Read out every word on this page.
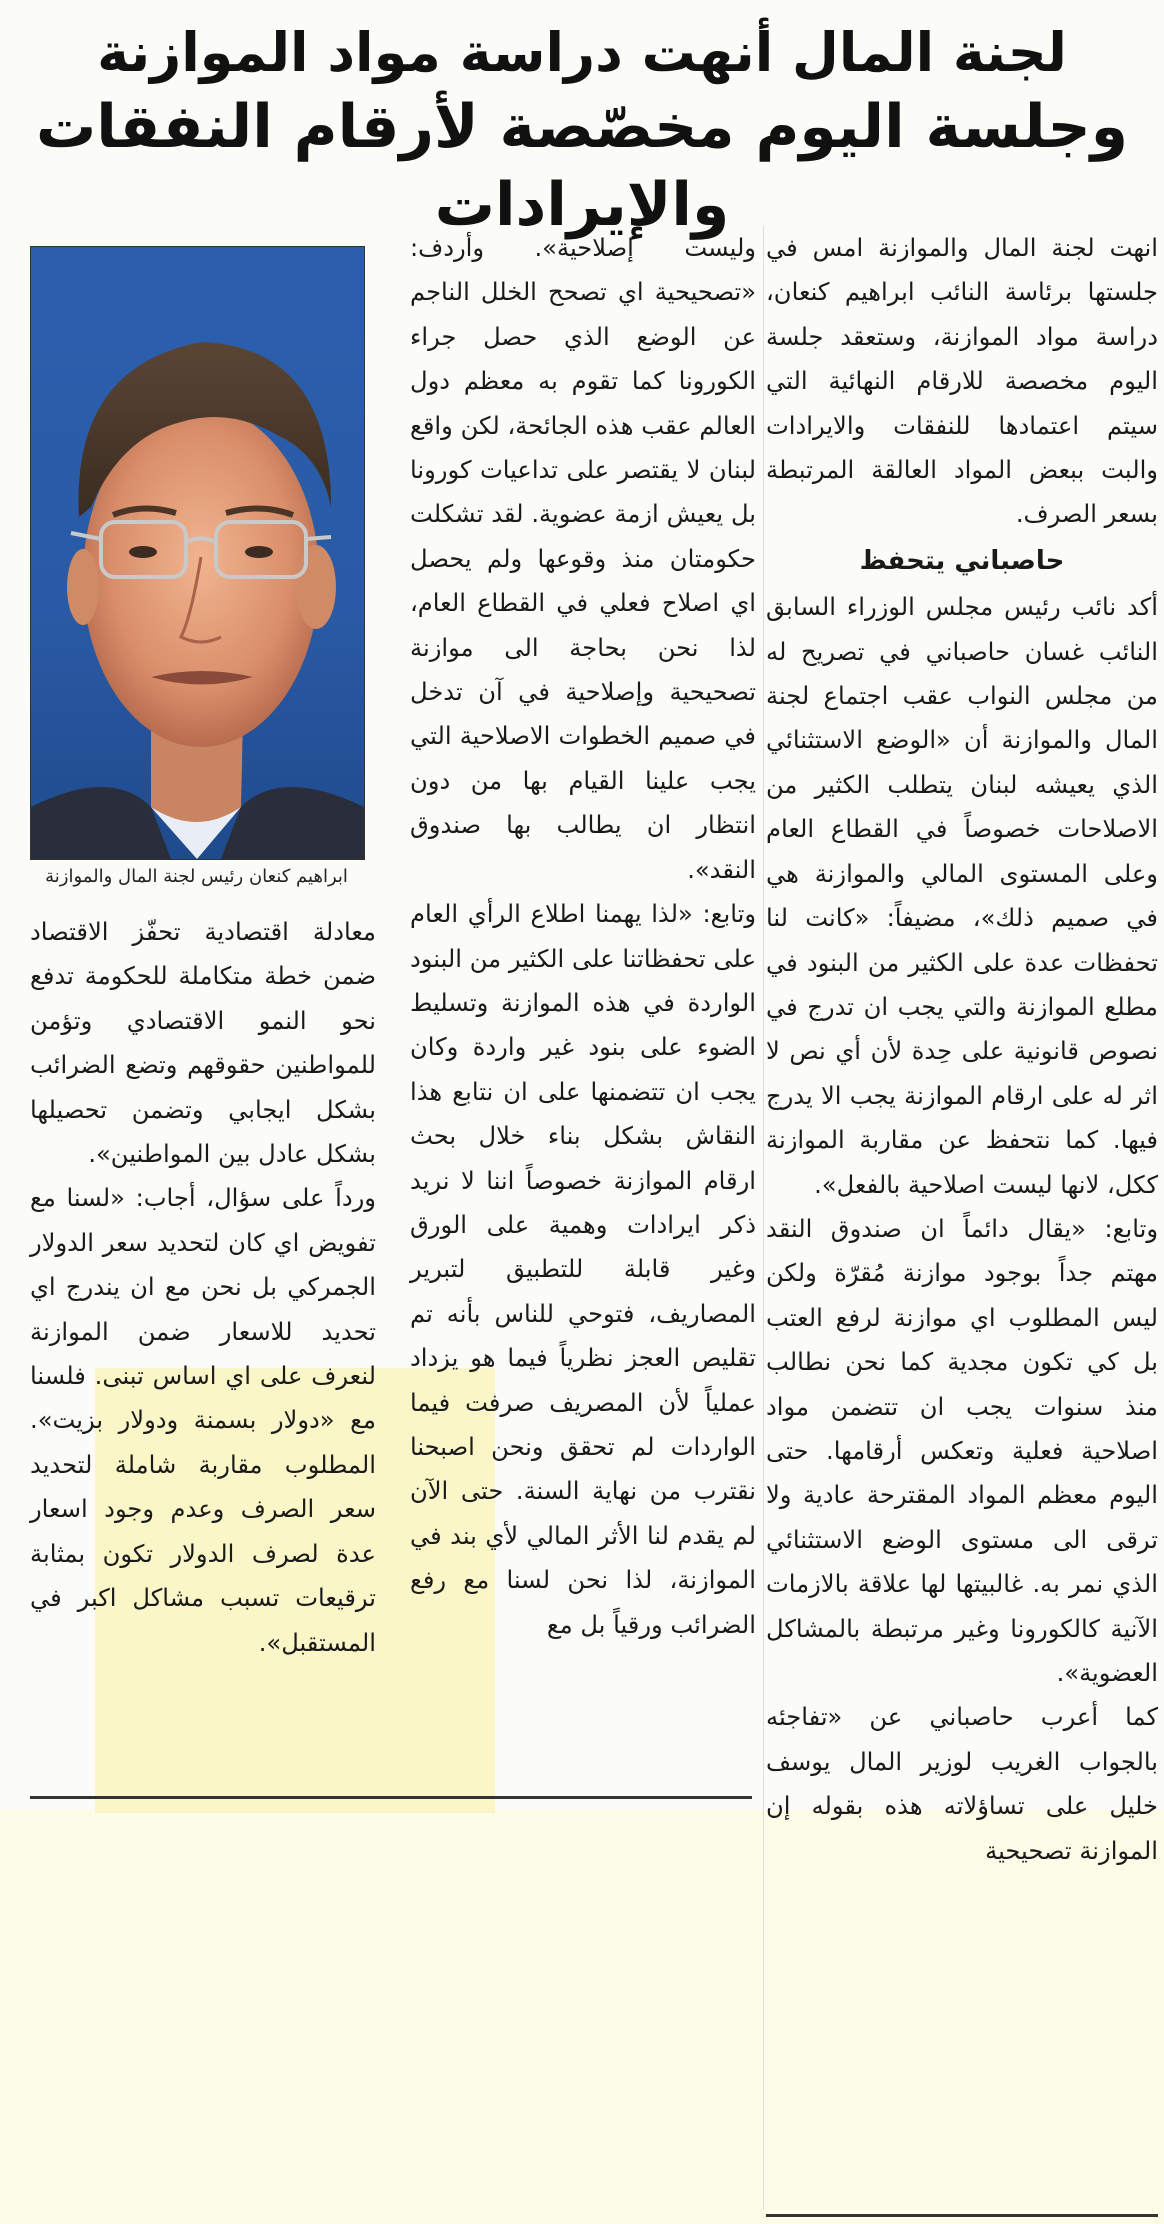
لجنة المال أنهت دراسة مواد الموازنة
وجلسة اليوم مخصّصة لأرقام النفقات والإيرادات

انهت لجنة المال والموازنة امس في جلستها برئاسة النائب ابراهيم كنعان، دراسة مواد الموازنة، وستعقد جلسة اليوم مخصصة للارقام النهائية التي سيتم اعتمادها للنفقات والايرادات والبت ببعض المواد العالقة المرتبطة بسعر الصرف.

حاصباني يتحفظ

أكد نائب رئيس مجلس الوزراء السابق النائب غسان حاصباني في تصريح له من مجلس النواب عقب اجتماع لجنة المال والموازنة أن «الوضع الاستثنائي الذي يعيشه لبنان يتطلب الكثير من الاصلاحات خصوصاً في القطاع العام وعلى المستوى المالي والموازنة هي في صميم ذلك»، مضيفاً: «كانت لنا تحفظات عدة على الكثير من البنود في مطلع الموازنة والتي يجب ان تدرج في نصوص قانونية على حِدة لأن أي نص لا اثر له على ارقام الموازنة يجب الا يدرج فيها. كما نتحفظ عن مقاربة الموازنة ككل، لانها ليست اصلاحية بالفعل».

وتابع: «يقال دائماً ان صندوق النقد مهتم جداً بوجود موازنة مُقرّة ولكن ليس المطلوب اي موازنة لرفع العتب بل كي تكون مجدية كما نحن نطالب منذ سنوات يجب ان تتضمن مواد اصلاحية فعلية وتعكس أرقامها. حتى اليوم معظم المواد المقترحة عادية ولا ترقى الى مستوى الوضع الاستثنائي الذي نمر به. غالبيتها لها علاقة بالازمات الآنية كالكورونا وغير مرتبطة بالمشاكل العضوية».

كما أعرب حاصباني عن «تفاجئه بالجواب الغريب لوزير المال يوسف خليل على تساؤلاته هذه بقوله إن الموازنة تصحيحية

وليست إصلاحية». وأردف: «تصحيحية اي تصحح الخلل الناجم عن الوضع الذي حصل جراء الكورونا كما تقوم به معظم دول العالم عقب هذه الجائحة، لكن واقع لبنان لا يقتصر على تداعيات كورونا بل يعيش ازمة عضوية. لقد تشكلت حكومتان منذ وقوعها ولم يحصل اي اصلاح فعلي في القطاع العام، لذا نحن بحاجة الى موازنة تصحيحية وإصلاحية في آن تدخل في صميم الخطوات الاصلاحية التي يجب علينا القيام بها من دون انتظار ان يطالب بها صندوق النقد».

وتابع: «لذا يهمنا اطلاع الرأي العام على تحفظاتنا على الكثير من البنود الواردة في هذه الموازنة وتسليط الضوء على بنود غير واردة وكان يجب ان تتضمنها على ان نتابع هذا النقاش بشكل بناء خلال بحث ارقام الموازنة خصوصاً اننا لا نريد ذكر ايرادات وهمية على الورق وغير قابلة للتطبيق لتبرير المصاريف، فتوحي للناس بأنه تم تقليص العجز نظرياً فيما هو يزداد عملياً لأن المصريف صرفت فيما الواردات لم تحقق ونحن اصبحنا نقترب من نهاية السنة. حتى الآن لم يقدم لنا الأثر المالي لأي بند في الموازنة، لذا نحن لسنا مع رفع الضرائب ورقياً بل مع

ابراهيم كنعان رئيس لجنة المال والموازنة

معادلة اقتصادية تحفّز الاقتصاد ضمن خطة متكاملة للحكومة تدفع نحو النمو الاقتصادي وتؤمن للمواطنين حقوقهم وتضع الضرائب بشكل ايجابي وتضمن تحصيلها بشكل عادل بين المواطنين».

ورداً على سؤال، أجاب: «لسنا مع تفويض اي كان لتحديد سعر الدولار الجمركي بل نحن مع ان يندرج اي تحديد للاسعار ضمن الموازنة لنعرف على اي اساس تبنى. فلسنا مع «دولار بسمنة ودولار بزيت». المطلوب مقاربة شاملة لتحديد سعر الصرف وعدم وجود اسعار عدة لصرف الدولار تكون بمثابة ترقيعات تسبب مشاكل اكبر في المستقبل».
